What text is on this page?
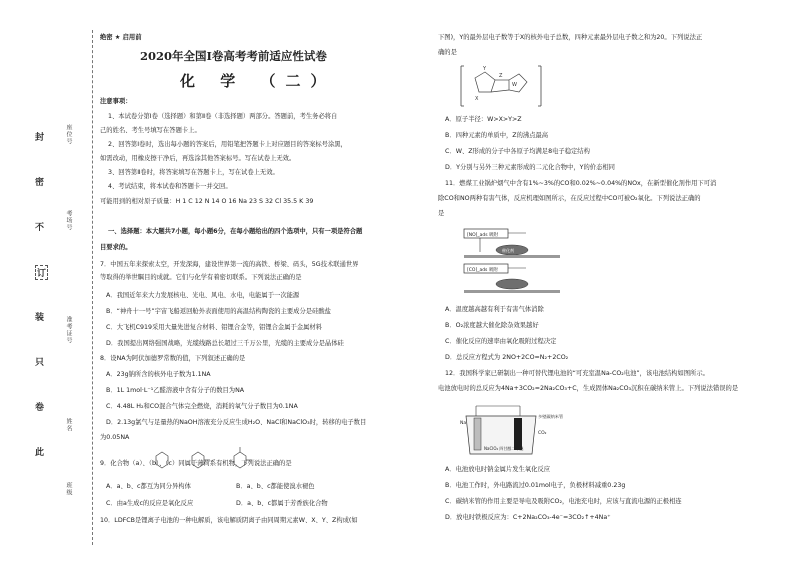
座位号
考场号
准考证号
姓名
班级
封
密
不
订
装
只
卷
此
绝密 ★ 启用前
2020年全国I卷高考考前适应性试卷
化 学 （二）
注意事项：
1、本试卷分第Ⅰ卷（选择题）和第Ⅱ卷（非选择题）两部分。答题前，考生务必将自
己的姓名、考生号填写在答题卡上。
2、回答第Ⅰ卷时，选出每小题的答案后，用铅笔把答题卡上对应题目的答案标号涂黑，
如需改动，用橡皮擦干净后，再选涂其他答案标号。写在试卷上无效。
3、回答第Ⅱ卷时，将答案填写在答题卡上，写在试卷上无效。
4、考试结束，将本试卷和答题卡一并交回。
可能用到的相对原子质量：H 1 C 12 N 14 O 16 Na 23 S 32 Cl 35.5 K 39
一、选择题：本大题共7小题，每小题6分，在每小题给出的四个选项中，只有一项是符合题
目要求的。
7．中国五年来探索太空，开发深海，建设世界第一流的高铁、桥梁、码头，5G技术联通世界
等取得的举世瞩目的成就。它们与化学有着密切联系。下列说法正确的是
A．我国近年来大力发展核电、光电、风电、水电，电能属于一次能源
B．“神舟十一号”宇宙飞船返回舱外表面使用的高温结构陶瓷的主要成分是硅酸盐
C．大飞机C919采用大量先进复合材料、铝锂合金等，铝锂合金属于金属材料
D．我国提出网络强国战略，光缆线路总长超过三千万公里，光缆的主要成分是晶体硅
8．设NA为阿伏加德罗常数的值，下列叙述正确的是
A．23g钠所含的核外电子数为1.1NA
B．1L 1mol·L⁻¹乙醛溶液中含有分子的数目为NA
C．4.48L H₂和CO混合气体完全燃烧，消耗的氧气分子数目为0.1NA
D．2.13g氯气与足量热的NaOH溶液充分反应生成H₂O、NaCl和NaClO₃时，转移的电子数目
为0.05NA
9．化合物（a）、（b）、（c）同属于薄荷系有机物，下列说法正确的是
A．a、b、c都互为同分异构体	B．a、b、c都能使溴水褪色
C．由a生成c的反应是氧化反应	D．a、b、c都属于芳香族化合物
10．LDFCB是锂离子电池的一种电解质，该电解质阴离子由同周期元素W、X、Y、Z构成(如
下图)，Y的最外层电子数等于X的核外电子总数，四种元素最外层电子数之和为20。下列说法正
确的是
Y
Z
X
W
A．原子半径：W>X>Y>Z
B．四种元素的单质中，Z的沸点最高
C．W、Z形成的分子中各原子均满足8电子稳定结构
D．Y分别与另外三种元素形成的二元化合物中，Y的价态相同
11．燃煤工业锅炉烟气中含有1%~3%的CO和0.02%~0.04%的NOx，在新型催化剂作用下可消
除CO和NO两种有害气体，反应机理如图所示，在反应过程中CO可被O₂氧化。下列说法正确的
是
[NO]_ads 吸附
催化剂
[CO]_ads 吸附
A．温度越高越有利于有害气体消除
B．O₂浓度越大催化除杂效果越好
C．催化反应的速率由氧化吸附过程决定
D．总反应方程式为 2NO+2CO=N₂+2CO₂
12．我国科学家已研制出一种可替代锂电池的“可充室温Na-CO₂电池”，该电池结构如图所示。
电池放电时的总反应为4Na+3CO₂=2Na₂CO₃+C，生成固体Na₂CO₃沉积在碳纳米管上。下列说法错误的是
Na
多壁碳纳米管
NaClO₄ 四甘醇二甲醚
CO₂
A．电池放电时钠金属片发生氧化反应
B．电池工作时，外电路流过0.01mol电子，负极材料减重0.23g
C．碳纳米管的作用主要是导电及吸附CO₂，电池充电时，应该与直流电源的正极相连
D．放电时铁极反应为：C+2Na₂CO₃-4e⁻=3CO₂↑+4Na⁺
